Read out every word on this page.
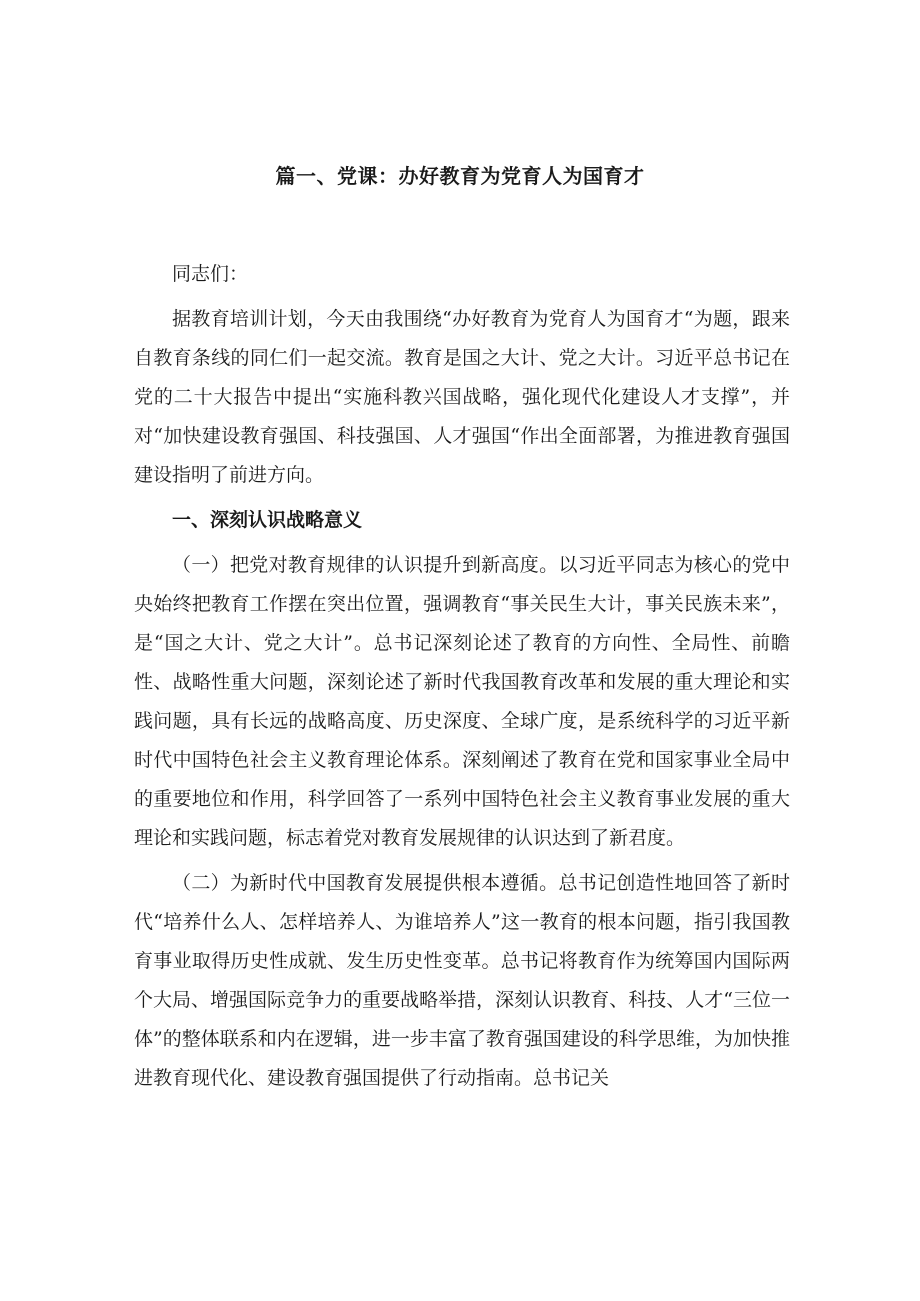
篇一、党课：办好教育为党育人为国育才

同志们：

据教育培训计划，今天由我围绕“办好教育为党育人为国育才“为题，跟来自教育条线的同仁们一起交流。教育是国之大计、党之大计。习近平总书记在党的二十大报告中提出“实施科教兴国战略，强化现代化建设人才支撑”，并对“加快建设教育强国、科技强国、人才强国“作出全面部署，为推进教育强国建设指明了前进方向。

一、深刻认识战略意义

（一）把党对教育规律的认识提升到新高度。以习近平同志为核心的党中央始终把教育工作摆在突出位置，强调教育“事关民生大计，事关民族未来”，是“国之大计、党之大计”。总书记深刻论述了教育的方向性、全局性、前瞻性、战略性重大问题，深刻论述了新时代我国教育改革和发展的重大理论和实践问题，具有长远的战略高度、历史深度、全球广度，是系统科学的习近平新时代中国特色社会主义教育理论体系。深刻阐述了教育在党和国家事业全局中的重要地位和作用，科学回答了一系列中国特色社会主义教育事业发展的重大理论和实践问题，标志着党对教育发展规律的认识达到了新君度。

（二）为新时代中国教育发展提供根本遵循。总书记创造性地回答了新时代“培养什么人、怎样培养人、为谁培养人”这一教育的根本问题，指引我国教育事业取得历史性成就、发生历史性变革。总书记将教育作为统筹国内国际两个大局、增强国际竞争力的重要战略举措，深刻认识教育、科技、人才“三位一体”的整体联系和内在逻辑，进一步丰富了教育强国建设的科学思维，为加快推进教育现代化、建设教育强国提供了行动指南。总书记关
